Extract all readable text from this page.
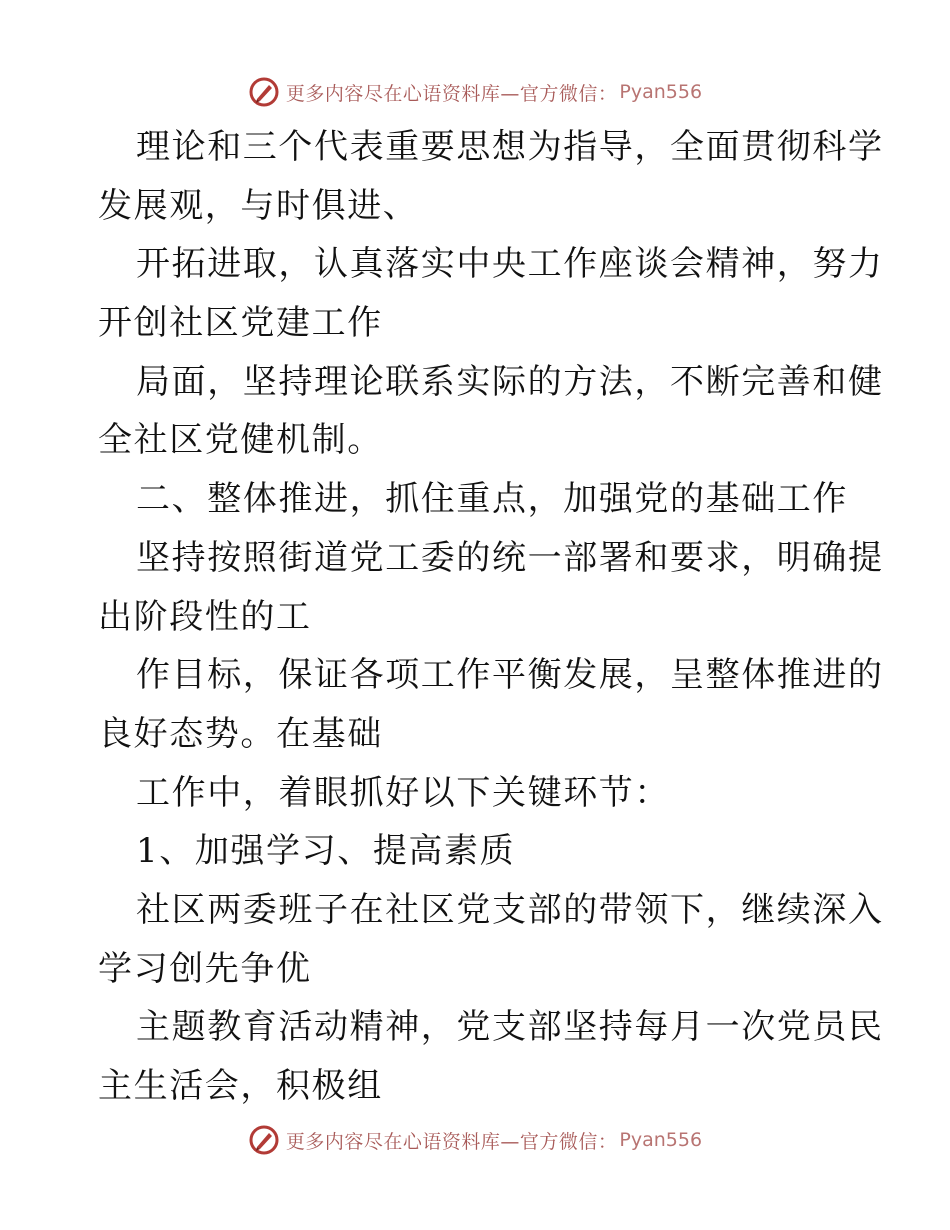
更多内容尽在心语资料库—官方微信： Pyan556
理论和三个代表重要思想为指导，全面贯彻科学
发展观，与时俱进、
开拓进取，认真落实中央工作座谈会精神，努力
开创社区党建工作
局面，坚持理论联系实际的方法，不断完善和健
全社区党健机制。
二、整体推进，抓住重点，加强党的基础工作
坚持按照街道党工委的统一部署和要求，明确提
出阶段性的工
作目标，保证各项工作平衡发展，呈整体推进的
良好态势。在基础
工作中，着眼抓好以下关键环节：
1、加强学习、提高素质
社区两委班子在社区党支部的带领下，继续深入
学习创先争优
主题教育活动精神，党支部坚持每月一次党员民
主生活会，积极组
更多内容尽在心语资料库—官方微信： Pyan556
